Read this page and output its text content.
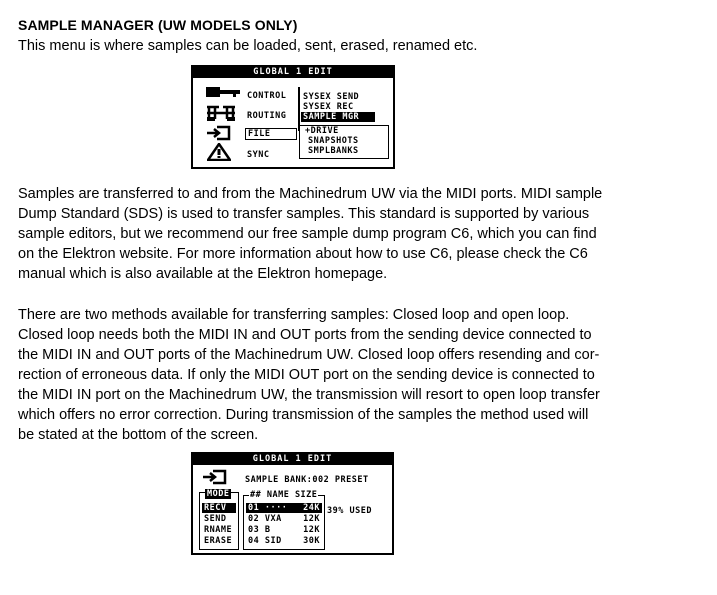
SAMPLE MANAGER (UW MODELS ONLY)
This menu is where samples can be loaded, sent, erased, renamed etc.
GLOBAL 1 EDIT
CONTROL
ROUTING
FILE
SYNC
SYSEX SEND
SYSEX REC
SAMPLE MGR
+DRIVE
SNAPSHOTS
SMPLBANKS
Samples are transferred to and from the Machinedrum UW via the MIDI ports. MIDI sample
Dump Standard (SDS) is used to transfer samples. This standard is supported by various
sample editors, but we recommend our free sample dump program C6, which you can find
on the Elektron website. For more information about how to use C6, please check the C6
manual which is also available at the Elektron homepage.
There are two methods available for transferring samples: Closed loop and open loop.
Closed loop needs both the MIDI IN and OUT ports from the sending device connected to
the MIDI IN and OUT ports of the Machinedrum UW. Closed loop offers resending and cor-
rection of erroneous data. If only the MIDI OUT port on the sending device is connected to
the MIDI IN port on the Machinedrum UW, the transmission will resort to open loop transfer
which offers no error correction. During transmission of the samples the method used will
be stated at the bottom of the screen.
GLOBAL 1 EDIT
SAMPLE BANK:002 PRESET
MODE
RECV
SEND
RNAME
ERASE
## NAME SIZE
01 ···· 24K
02 VXA	12K
03 B	12K
04 SID	30K
39% USED
